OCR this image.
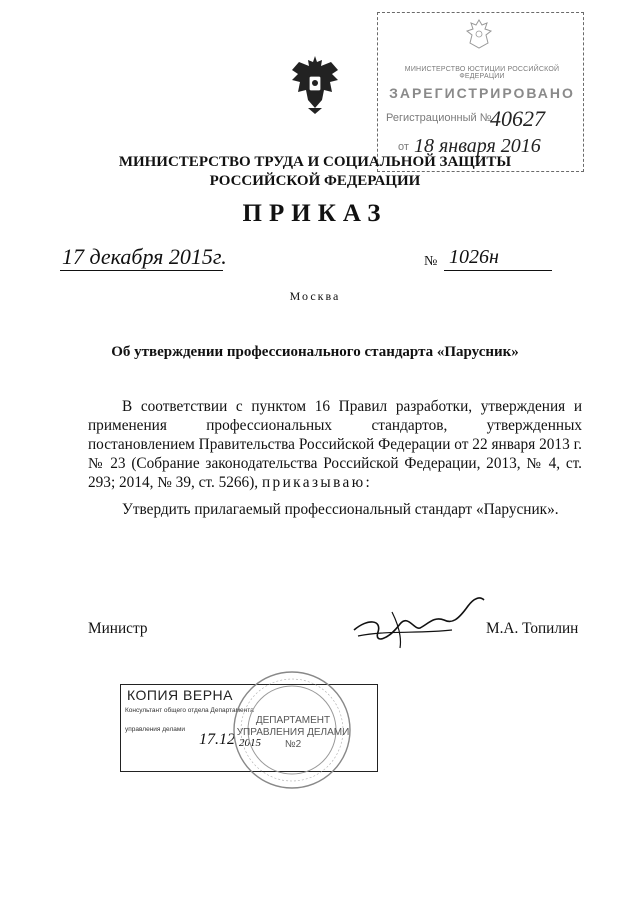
МИНИСТЕРСТВО ЮСТИЦИИ РОССИЙСКОЙ ФЕДЕРАЦИИ
ЗАРЕГИСТРИРОВАНО
Регистрационный №
40627
от 18 января 2016
МИНИСТЕРСТВО ТРУДА И СОЦИАЛЬНОЙ ЗАЩИТЫ РОССИЙСКОЙ ФЕДЕРАЦИИ
ПРИКАЗ
17 декабря 2015г.	№ 1026н
Москва
Об утверждении профессионального стандарта «Парусник»
В соответствии с пунктом 16 Правил разработки, утверждения и применения профессиональных стандартов, утвержденных постановлением Правительства Российской Федерации от 22 января 2013 г. № 23 (Собрание законодательства Российской Федерации, 2013, № 4, ст. 293; 2014, № 39, ст. 5266), приказываю:
Утвердить прилагаемый профессиональный стандарт «Парусник».
Министр	М.А. Топилин
КОПИЯ ВЕРНА
Консультант общего отдела Департамента
управления делами
17.12 2015
ДЕПАРТАМЕНТ УПРАВЛЕНИЯ ДЕЛАМИ №2
